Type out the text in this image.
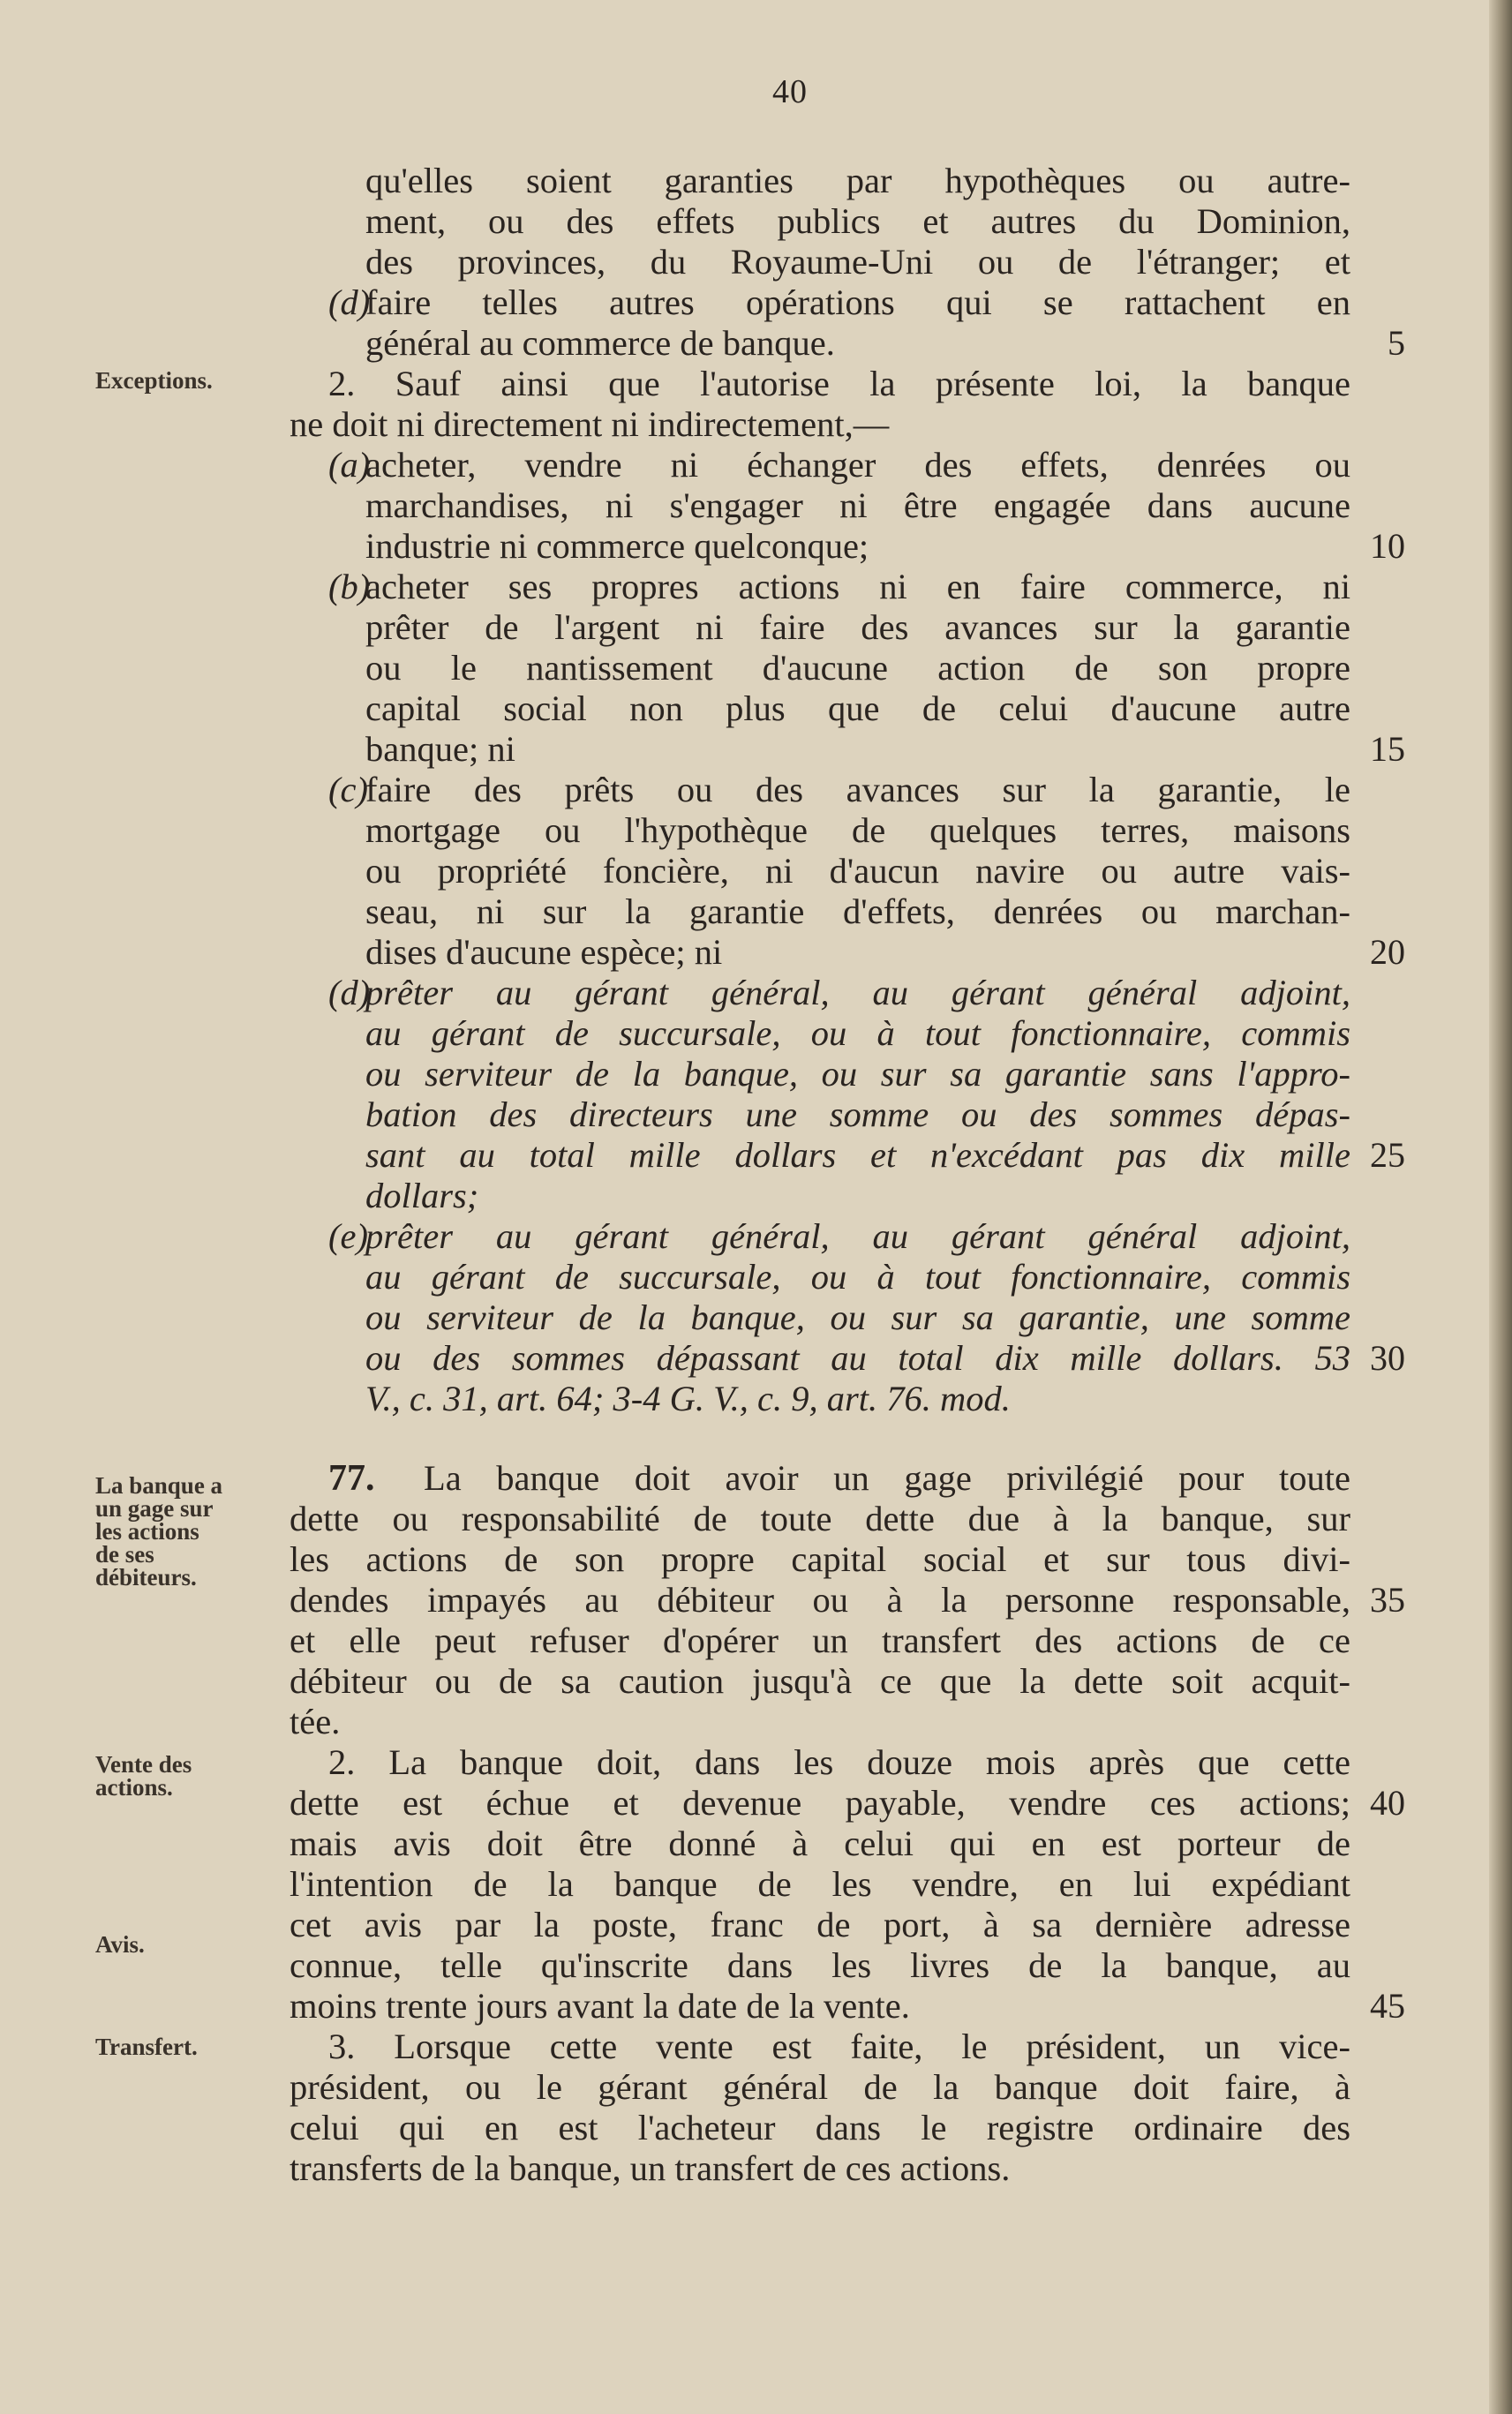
40
Exceptions.
La banque a
un gage sur
les actions
de ses
débiteurs.
Vente des
actions.
Avis.
Transfert.
5
10
15
20
25
30
35
40
45
(d)
(a)
(b)
(c)
(d)
(e)
77.
qu'elles soient garanties par hypothèques ou autre-
ment, ou des effets publics et autres du Dominion,
des provinces, du Royaume-Uni ou de l'étranger; et
faire telles autres opérations qui se rattachent en
général au commerce de banque.
2. Sauf ainsi que l'autorise la présente loi, la banque
ne doit ni directement ni indirectement,—
acheter, vendre ni échanger des effets, denrées ou
marchandises, ni s'engager ni être engagée dans aucune
industrie ni commerce quelconque;
acheter ses propres actions ni en faire commerce, ni
prêter de l'argent ni faire des avances sur la garantie
ou le nantissement d'aucune action de son propre
capital social non plus que de celui d'aucune autre
banque; ni
faire des prêts ou des avances sur la garantie, le
mortgage ou l'hypothèque de quelques terres, maisons
ou propriété foncière, ni d'aucun navire ou autre vais-
seau, ni sur la garantie d'effets, denrées ou marchan-
dises d'aucune espèce; ni
prêter au gérant général, au gérant général adjoint,
au gérant de succursale, ou à tout fonctionnaire, commis
ou serviteur de la banque, ou sur sa garantie sans l'appro-
bation des directeurs une somme ou des sommes dépas-
sant au total mille dollars et n'excédant pas dix mille
dollars;
prêter au gérant général, au gérant général adjoint,
au gérant de succursale, ou à tout fonctionnaire, commis
ou serviteur de la banque, ou sur sa garantie, une somme
ou des sommes dépassant au total dix mille dollars. 53
V., c. 31, art. 64; 3-4 G. V., c. 9, art. 76. mod.
La banque doit avoir un gage privilégié pour toute
dette ou responsabilité de toute dette due à la banque, sur
les actions de son propre capital social et sur tous divi-
dendes impayés au débiteur ou à la personne responsable,
et elle peut refuser d'opérer un transfert des actions de ce
débiteur ou de sa caution jusqu'à ce que la dette soit acquit-
tée.
2. La banque doit, dans les douze mois après que cette
dette est échue et devenue payable, vendre ces actions;
mais avis doit être donné à celui qui en est porteur de
l'intention de la banque de les vendre, en lui expédiant
cet avis par la poste, franc de port, à sa dernière adresse
connue, telle qu'inscrite dans les livres de la banque, au
moins trente jours avant la date de la vente.
3. Lorsque cette vente est faite, le président, un vice-
président, ou le gérant général de la banque doit faire, à
celui qui en est l'acheteur dans le registre ordinaire des
transferts de la banque, un transfert de ces actions.
